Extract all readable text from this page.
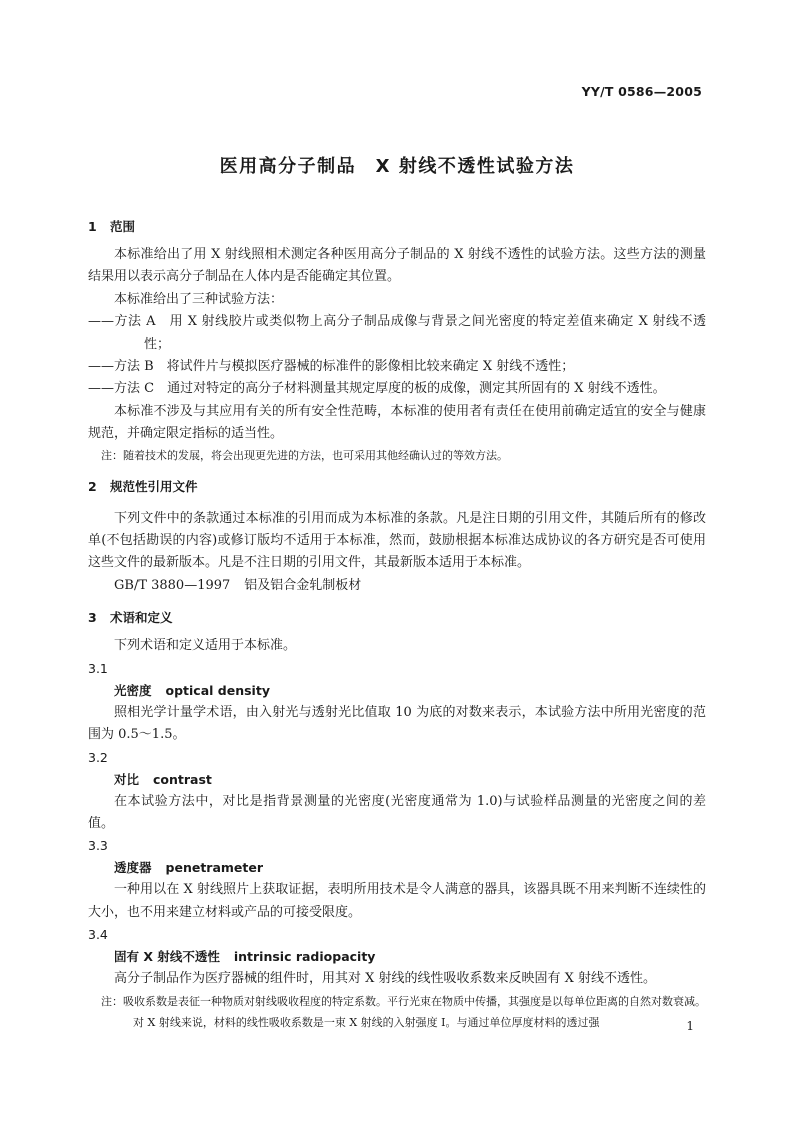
YY/T 0586—2005
医用高分子制品　X 射线不透性试验方法
1 范围

本标准给出了用 X 射线照相术测定各种医用高分子制品的 X 射线不透性的试验方法。这些方法的测量结果用以表示高分子制品在人体内是否能确定其位置。

本标准给出了三种试验方法：

——方法 A　用 X 射线胶片或类似物上高分子制品成像与背景之间光密度的特定差值来确定 X 射线不透性；
——方法 B　将试件片与模拟医疗器械的标准件的影像相比较来确定 X 射线不透性；
——方法 C　通过对特定的高分子材料测量其规定厚度的板的成像，测定其所固有的 X 射线不透性。

本标准不涉及与其应用有关的所有安全性范畴，本标准的使用者有责任在使用前确定适宜的安全与健康规范，并确定限定指标的适当性。

注：随着技术的发展，将会出现更先进的方法，也可采用其他经确认过的等效方法。

2 规范性引用文件

下列文件中的条款通过本标准的引用而成为本标准的条款。凡是注日期的引用文件，其随后所有的修改单(不包括勘误的内容)或修订版均不适用于本标准，然而，鼓励根据本标准达成协议的各方研究是否可使用这些文件的最新版本。凡是不注日期的引用文件，其最新版本适用于本标准。

GB/T 3880—1997 铝及铝合金轧制板材
3 术语和定义

下列术语和定义适用于本标准。

3.1
光密度 optical density

照相光学计量学术语，由入射光与透射光比值取 10 为底的对数来表示，本试验方法中所用光密度的范围为 0.5～1.5。

3.2
对比 contrast

在本试验方法中，对比是指背景测量的光密度(光密度通常为 1.0)与试验样品测量的光密度之间的差值。

3.3
透度器 penetrameter

一种用以在 X 射线照片上获取证据，表明所用技术是令人满意的器具，该器具既不用来判断不连续性的大小，也不用来建立材料或产品的可接受限度。

3.4
固有 X 射线不透性 intrinsic radiopacity

高分子制品作为医疗器械的组件时，用其对 X 射线的线性吸收系数来反映固有 X 射线不透性。

注：吸收系数是表征一种物质对射线吸收程度的特定系数。平行光束在物质中传播，其强度是以每单位距离的自然对数衰减。对 X 射线来说，材料的线性吸收系数是一束 X 射线的入射强度 I。与通过单位厚度材料的透过强	1
